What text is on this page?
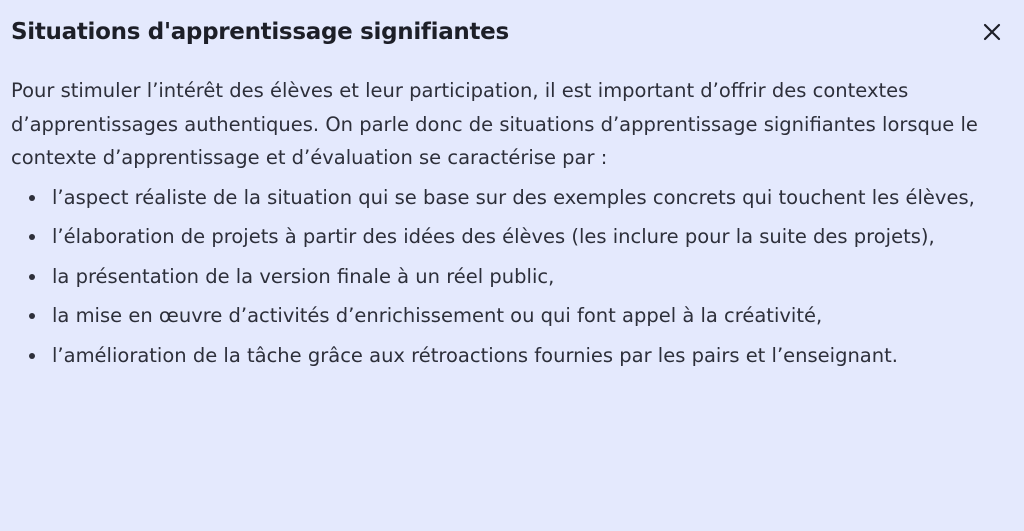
Situations d'apprentissage signifiantes

Pour stimuler l’intérêt des élèves et leur participation, il est important d’offrir des contextes d’apprentissages authentiques. On parle donc de situations d’apprentissage signifiantes lorsque le contexte d’apprentissage et d’évaluation se caractérise par :

l’aspect réaliste de la situation qui se base sur des exemples concrets qui touchent les élèves,
l’élaboration de projets à partir des idées des élèves (les inclure pour la suite des projets),
la présentation de la version finale à un réel public,
la mise en œuvre d’activités d’enrichissement ou qui font appel à la créativité,
l’amélioration de la tâche grâce aux rétroactions fournies par les pairs et l’enseignant.
